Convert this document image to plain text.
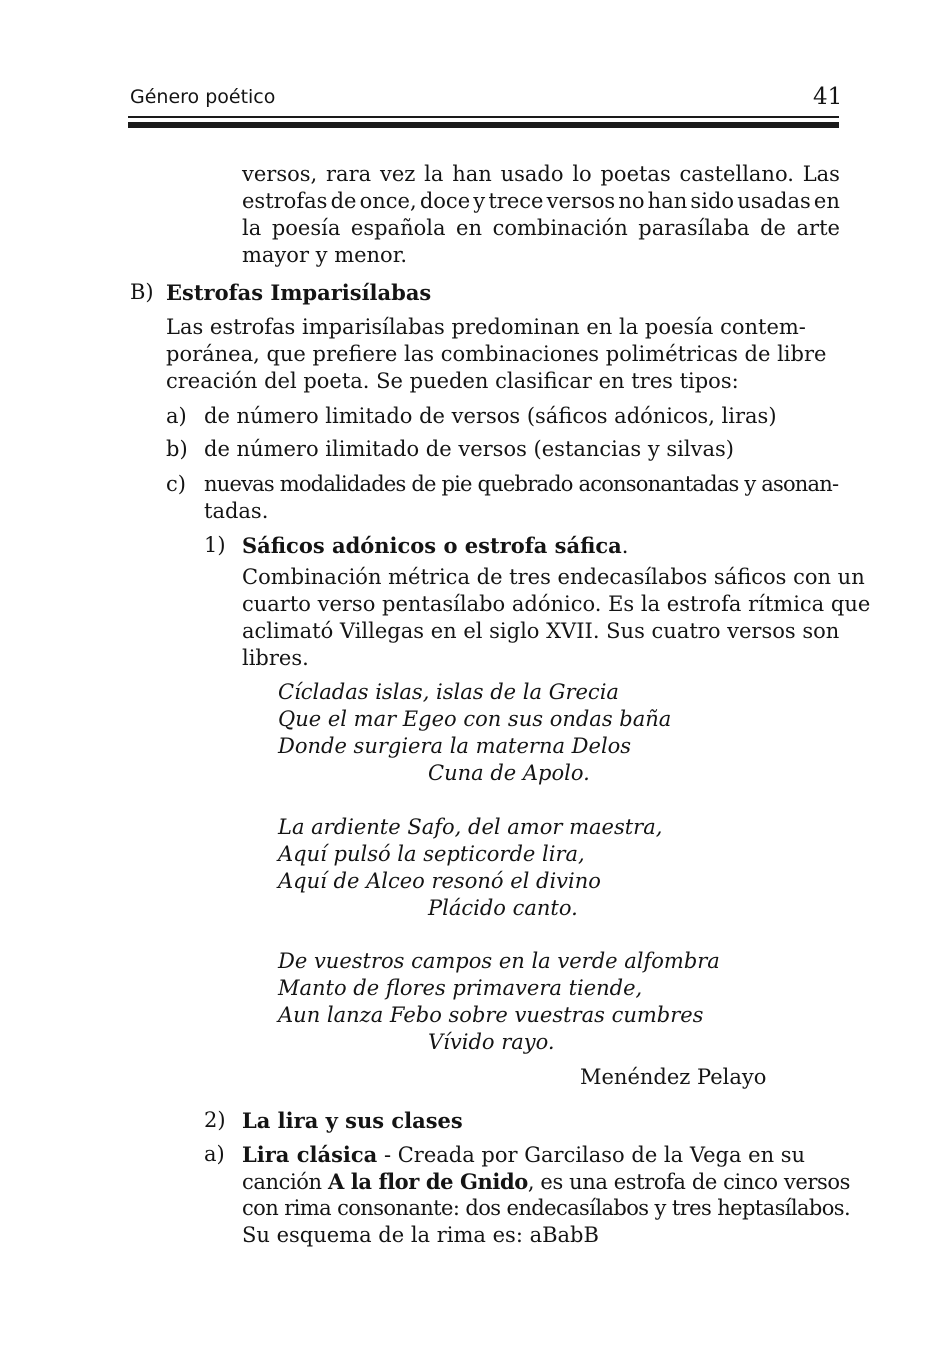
Género poético	41
versos, rara vez la han usado lo poetas castellano. Las
estrofas de once, doce y trece versos no han sido usadas en
la poesía española en combinación parasílaba de arte
mayor y menor.
B) Estrofas Imparisílabas
Las estrofas imparisílabas predominan en la poesía contem-
poránea, que prefiere las combinaciones polimétricas de libre
creación del poeta. Se pueden clasificar en tres tipos:
a) de número limitado de versos (sáficos adónicos, liras)
b) de número ilimitado de versos (estancias y silvas)
c) nuevas modalidades de pie quebrado aconsonantadas y asonan-
tadas.
1) Sáficos adónicos o estrofa sáfica.
Combinación métrica de tres endecasílabos sáficos con un
cuarto verso pentasílabo adónico. Es la estrofa rítmica que
aclimató Villegas en el siglo XVII. Sus cuatro versos son
libres.
Cícladas islas, islas de la Grecia
Que el mar Egeo con sus ondas baña
Donde surgiera la materna Delos
Cuna de Apolo.
La ardiente Safo, del amor maestra,
Aquí pulsó la septicorde lira,
Aquí de Alceo resonó el divino
Plácido canto.
De vuestros campos en la verde alfombra
Manto de flores primavera tiende,
Aun lanza Febo sobre vuestras cumbres
Vívido rayo.
Menéndez Pelayo
2) La lira y sus clases
a) Lira clásica - Creada por Garcilaso de la Vega en su
canción A la flor de Gnido, es una estrofa de cinco versos
con rima consonante: dos endecasílabos y tres heptasílabos.
Su esquema de la rima es: aBabB
